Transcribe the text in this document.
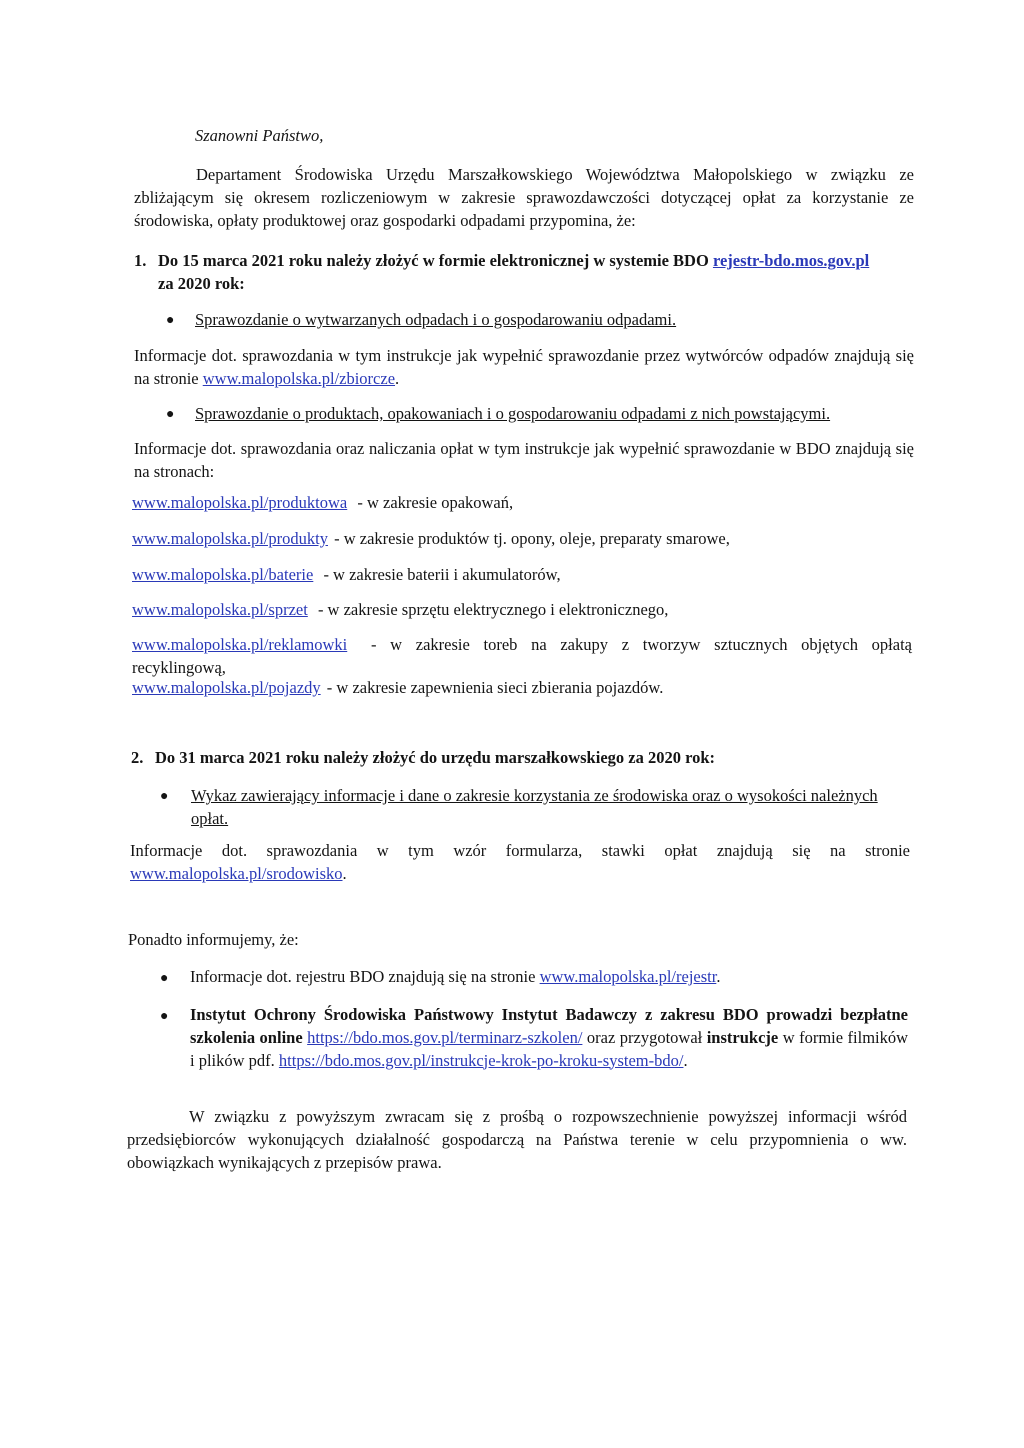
Szanowni Państwo,
Departament Środowiska Urzędu Marszałkowskiego Województwa Małopolskiego w związku ze zbliżającym się okresem rozliczeniowym w zakresie sprawozdawczości dotyczącej opłat za korzystanie ze środowiska, opłaty produktowej oraz gospodarki odpadami przypomina, że:
1. Do 15 marca 2021 roku należy złożyć w formie elektronicznej w systemie BDO rejestr-bdo.mos.gov.pl
za 2020 rok:
● Sprawozdanie o wytwarzanych odpadach i o gospodarowaniu odpadami.
Informacje dot. sprawozdania w tym instrukcje jak wypełnić sprawozdanie przez wytwórców odpadów znajdują się na stronie www.malopolska.pl/zbiorcze.
● Sprawozdanie o produktach, opakowaniach i o gospodarowaniu odpadami z nich powstającymi.
Informacje dot. sprawozdania oraz naliczania opłat w tym instrukcje jak wypełnić sprawozdanie w BDO znajdują się na stronach:
www.malopolska.pl/produktowa - w zakresie opakowań,
www.malopolska.pl/produkty - w zakresie produktów tj. opony, oleje, preparaty smarowe,
www.malopolska.pl/baterie - w zakresie baterii i akumulatorów,
www.malopolska.pl/sprzet - w zakresie sprzętu elektrycznego i elektronicznego,
www.malopolska.pl/reklamowki - w zakresie toreb na zakupy z tworzyw sztucznych objętych opłatą recyklingową,
www.malopolska.pl/pojazdy - w zakresie zapewnienia sieci zbierania pojazdów.
2. Do 31 marca 2021 roku należy złożyć do urzędu marszałkowskiego za 2020 rok:
● Wykaz zawierający informacje i dane o zakresie korzystania ze środowiska oraz o wysokości należnych opłat.
Informacje dot. sprawozdania w tym wzór formularza, stawki opłat znajdują się na stronie www.malopolska.pl/srodowisko.
Ponadto informujemy, że:
● Informacje dot. rejestru BDO znajdują się na stronie www.malopolska.pl/rejestr.
● Instytut Ochrony Środowiska Państwowy Instytut Badawczy z zakresu BDO prowadzi bezpłatne szkolenia online https://bdo.mos.gov.pl/terminarz-szkolen/ oraz przygotował instrukcje w formie filmików i plików pdf. https://bdo.mos.gov.pl/instrukcje-krok-po-kroku-system-bdo/.
W związku z powyższym zwracam się z prośbą o rozpowszechnienie powyższej informacji wśród przedsiębiorców wykonujących działalność gospodarczą na Państwa terenie w celu przypomnienia o ww. obowiązkach wynikających z przepisów prawa.
